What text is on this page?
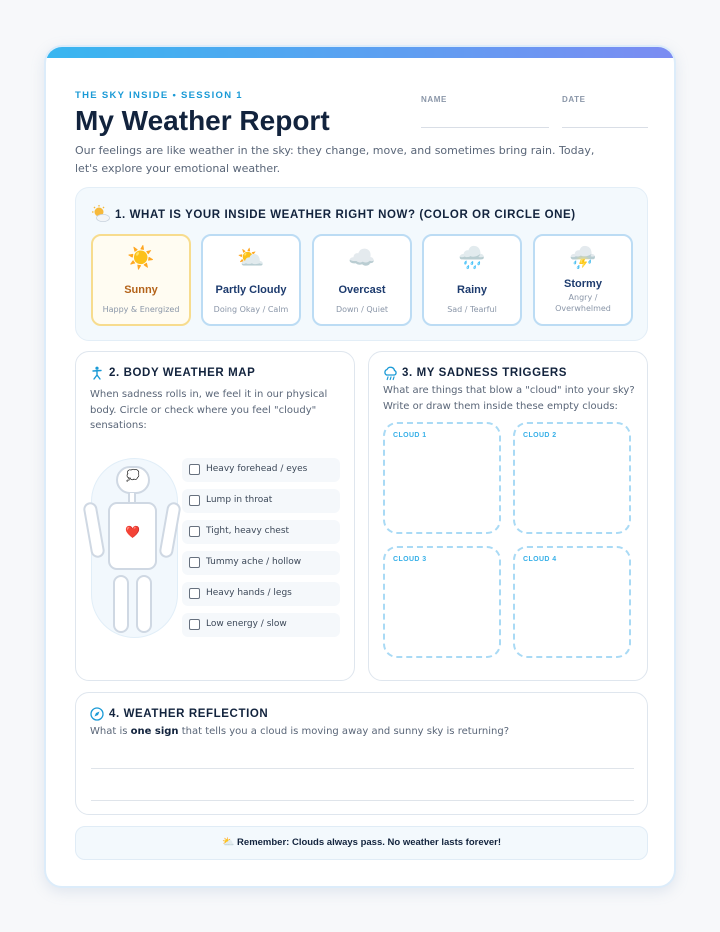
THE SKY INSIDE • SESSION 1
My Weather Report
NAME	DATE
Our feelings are like weather in the sky: they change, move, and sometimes bring rain. Today, let's explore your emotional weather.
1. WHAT IS YOUR INSIDE WEATHER RIGHT NOW? (COLOR OR CIRCLE ONE)
☀️
Sunny
Happy & Energized
⛅
Partly Cloudy
Doing Okay / Calm
☁️
Overcast
Down / Quiet
🌧️
Rainy
Sad / Tearful
⛈️
Stormy
Angry / Overwhelmed
2. BODY WEATHER MAP
When sadness rolls in, we feel it in our physical body. Circle or check where you feel "cloudy" sensations:
💭
❤️
Heavy forehead / eyes
Lump in throat
Tight, heavy chest
Tummy ache / hollow
Heavy hands / legs
Low energy / slow
3. MY SADNESS TRIGGERS
What are things that blow a "cloud" into your sky? Write or draw them inside these empty clouds:
CLOUD 1	CLOUD 2
CLOUD 3	CLOUD 4
4. WEATHER REFLECTION
What is one sign that tells you a cloud is moving away and sunny sky is returning?
⛅ Remember: Clouds always pass. No weather lasts forever!
